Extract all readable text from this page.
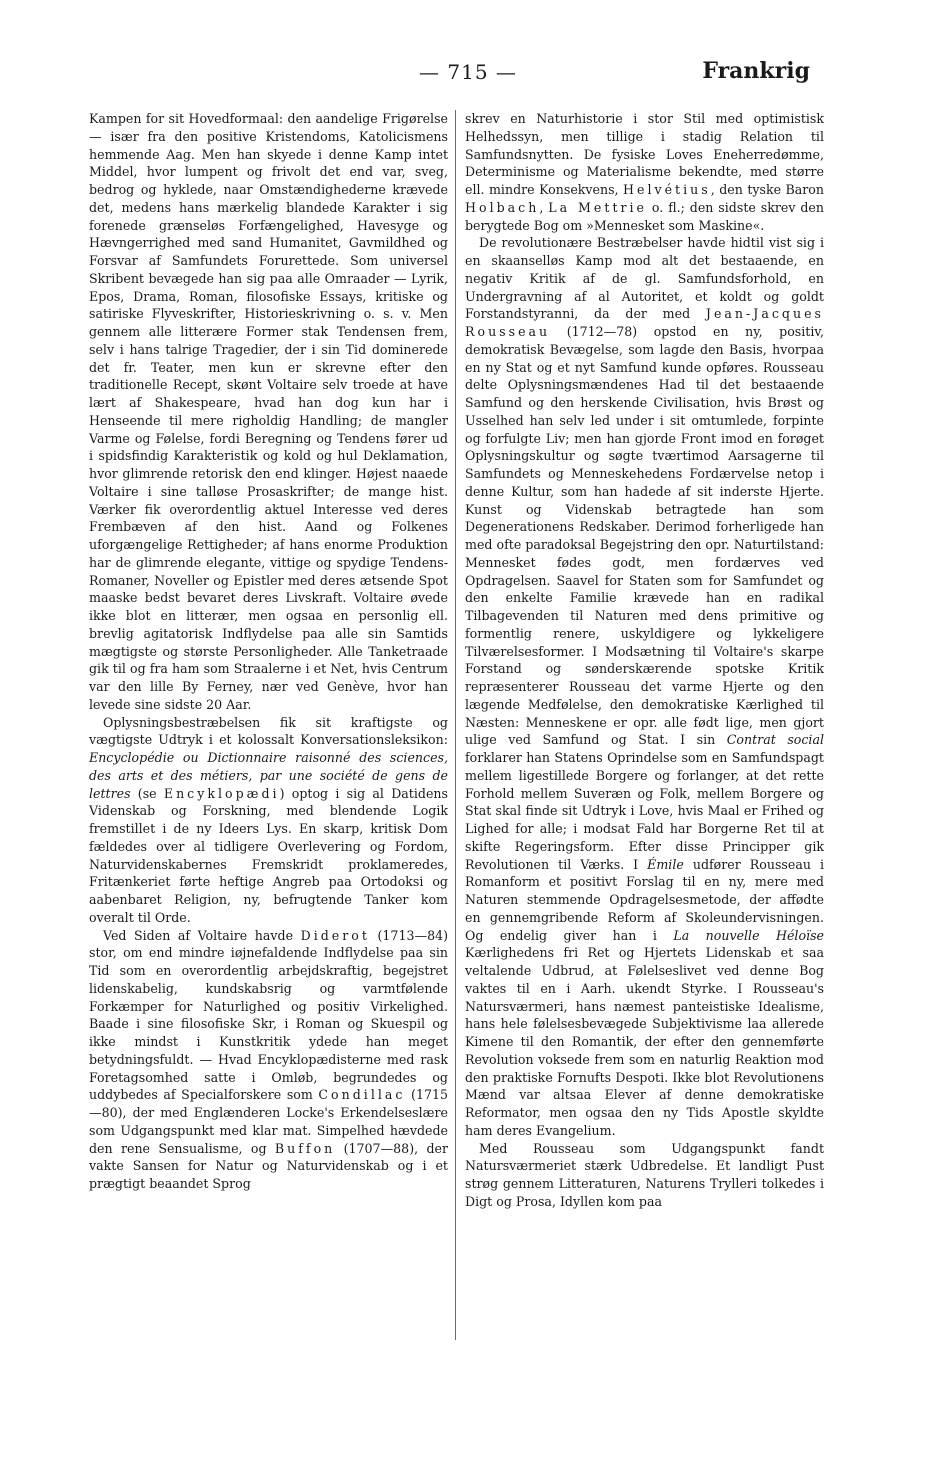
— 715 —	Frankrig

Kampen for sit Hovedformaal: den aandelige Frigørelse — især fra den positive Kristendoms, Katolicismens hemmende Aag. Men han skyede i denne Kamp intet Middel, hvor lumpent og frivolt det end var, sveg, bedrog og hyklede, naar Omstændighederne krævede det, medens hans mærkelig blandede Karakter i sig forenede grænseløs Forfængelighed, Havesyge og Hævngerrighed med sand Humanitet, Gavmildhed og Forsvar af Samfundets Forurettede. Som universel Skribent bevægede han sig paa alle Omraader — Lyrik, Epos, Drama, Roman, filosofiske Essays, kritiske og satiriske Flyveskrifter, Historieskrivning o. s. v. Men gennem alle litterære Former stak Tendensen frem, selv i hans talrige Tragedier, der i sin Tid dominerede det fr. Teater, men kun er skrevne efter den traditionelle Recept, skønt Voltaire selv troede at have lært af Shakespeare, hvad han dog kun har i Henseende til mere righoldig Handling; de mangler Varme og Følelse, fordi Beregning og Tendens fører ud i spidsfindig Karakteristik og kold og hul Deklamation, hvor glimrende retorisk den end klinger. Højest naaede Voltaire i sine talløse Prosaskrifter; de mange hist. Værker fik overordentlig aktuel Interesse ved deres Frembæven af den hist. Aand og Folkenes uforgængelige Rettigheder; af hans enorme Produktion har de glimrende elegante, vittige og spydige Tendens-Romaner, Noveller og Epistler med deres ætsende Spot maaske bedst bevaret deres Livskraft. Voltaire øvede ikke blot en litterær, men ogsaa en personlig ell. brevlig agitatorisk Indflydelse paa alle sin Samtids mægtigste og største Personligheder. Alle Tanketraade gik til og fra ham som Straalerne i et Net, hvis Centrum var den lille By Ferney, nær ved Genève, hvor han levede sine sidste 20 Aar.

Oplysningsbestræbelsen fik sit kraftigste og vægtigste Udtryk i et kolossalt Konversationsleksikon: Encyclopédie ou Dictionnaire raisonné des sciences, des arts et des métiers, par une société de gens de lettres (se Encyklopædi) optog i sig al Datidens Videnskab og Forskning, med blendende Logik fremstillet i de ny Ideers Lys. En skarp, kritisk Dom fældedes over al tidligere Overlevering og Fordom, Naturvidenskabernes Fremskridt proklameredes, Fritænkeriet førte heftige Angreb paa Ortodoksi og aabenbaret Religion, ny, befrugtende Tanker kom overalt til Orde.

Ved Siden af Voltaire havde Diderot (1713—84) stor, om end mindre iøjnefaldende Indflydelse paa sin Tid som en overordentlig arbejdskraftig, begejstret lidenskabelig, kundskabsrig og varmtfølende Forkæmper for Naturlighed og positiv Virkelighed. Baade i sine filosofiske Skr, i Roman og Skuespil og ikke mindst i Kunstkritik ydede han meget betydningsfuldt. — Hvad Encyklopædisterne med rask Foretagsomhed satte i Omløb, begrundedes og uddybedes af Specialforskere som Condillac (1715—80), der med Englænderen Locke's Erkendelseslære som Udgangspunkt med klar mat. Simpelhed hævdede den rene Sensualisme, og Buffon (1707—88), der vakte Sansen for Natur og Naturvidenskab og i et prægtigt beaandet Sprog

skrev en Naturhistorie i stor Stil med optimistisk Helhedssyn, men tillige i stadig Relation til Samfundsnytten. De fysiske Loves Eneherredømme, Determinisme og Materialisme bekendte, med større ell. mindre Konsekvens, Helvétius, den tyske Baron Holbach, La Mettrie o. fl.; den sidste skrev den berygtede Bog om »Mennesket som Maskine«.

De revolutionære Bestræbelser havde hidtil vist sig i en skaanselløs Kamp mod alt det bestaaende, en negativ Kritik af de gl. Samfundsforhold, en Undergravning af al Autoritet, et koldt og goldt Forstandstyranni, da der med Jean-Jacques Rousseau (1712—78) opstod en ny, positiv, demokratisk Bevægelse, som lagde den Basis, hvorpaa en ny Stat og et nyt Samfund kunde opføres. Rousseau delte Oplysningsmændenes Had til det bestaaende Samfund og den herskende Civilisation, hvis Brøst og Usselhed han selv led under i sit omtumlede, forpinte og forfulgte Liv; men han gjorde Front imod en forøget Oplysningskultur og søgte tværtimod Aarsagerne til Samfundets og Menneskehedens Fordærvelse netop i denne Kultur, som han hadede af sit inderste Hjerte. Kunst og Videnskab betragtede han som Degenerationens Redskaber. Derimod forherligede han med ofte paradoksal Begejstring den opr. Naturtilstand: Mennesket fødes godt, men fordærves ved Opdragelsen. Saavel for Staten som for Samfundet og den enkelte Familie krævede han en radikal Tilbagevenden til Naturen med dens primitive og formentlig renere, uskyldigere og lykkeligere Tilværelsesformer. I Modsætning til Voltaire's skarpe Forstand og sønderskærende spotske Kritik repræsenterer Rousseau det varme Hjerte og den lægende Medfølelse, den demokratiske Kærlighed til Næsten: Menneskene er opr. alle født lige, men gjort ulige ved Samfund og Stat. I sin Contrat social forklarer han Statens Oprindelse som en Samfundspagt mellem ligestillede Borgere og forlanger, at det rette Forhold mellem Suveræn og Folk, mellem Borgere og Stat skal finde sit Udtryk i Love, hvis Maal er Frihed og Lighed for alle; i modsat Fald har Borgerne Ret til at skifte Regeringsform. Efter disse Principper gik Revolutionen til Værks. I Émile udfører Rousseau i Romanform et positivt Forslag til en ny, mere med Naturen stemmende Opdragelsesmetode, der affødte en gennemgribende Reform af Skoleundervisningen. Og endelig giver han i La nouvelle Héloïse Kærlighedens fri Ret og Hjertets Lidenskab et saa veltalende Udbrud, at Følelseslivet ved denne Bog vaktes til en i Aarh. ukendt Styrke. I Rousseau's Natursværmeri, hans næmest panteistiske Idealisme, hans hele følelsesbevægede Subjektivisme laa allerede Kimene til den Romantik, der efter den gennemførte Revolution voksede frem som en naturlig Reaktion mod den praktiske Fornufts Despoti. Ikke blot Revolutionens Mænd var altsaa Elever af denne demokratiske Reformator, men ogsaa den ny Tids Apostle skyldte ham deres Evangelium.

Med Rousseau som Udgangspunkt fandt Natursværmeriet stærk Udbredelse. Et landligt Pust strøg gennem Litteraturen, Naturens Trylleri tolkedes i Digt og Prosa, Idyllen kom paa
